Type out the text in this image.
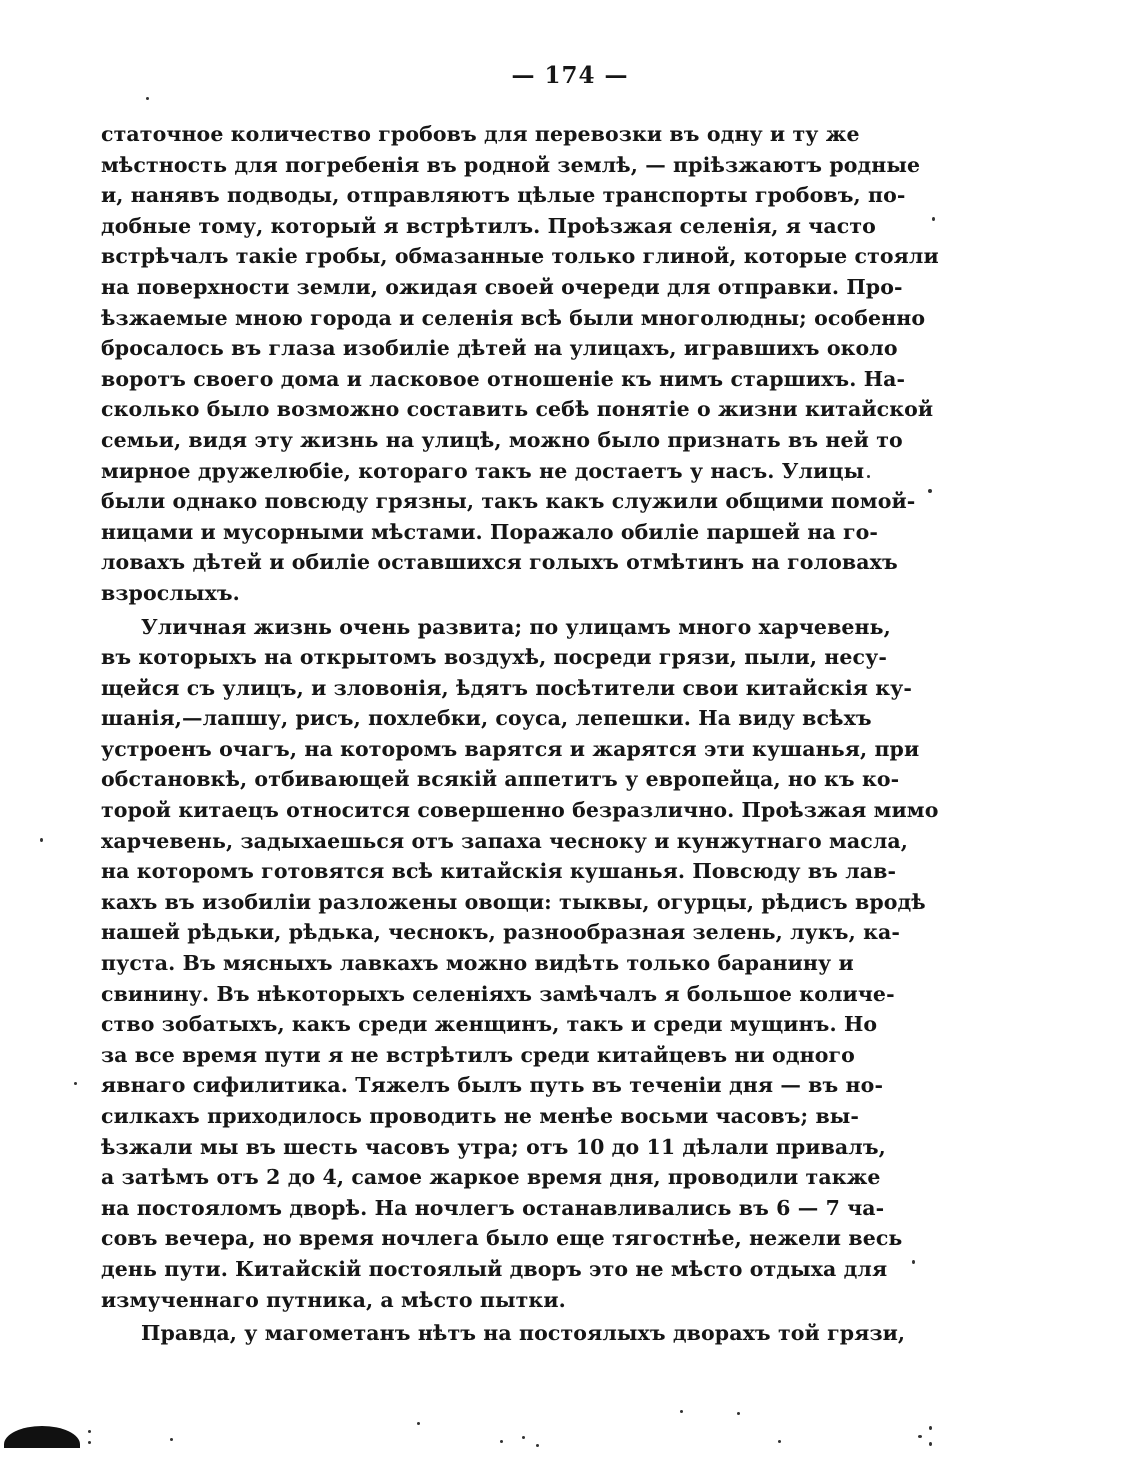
— 174 —
статочное количество гробовъ для перевозки въ одну и ту же
мѣстность для погребенія въ родной землѣ, — пріѣзжаютъ родные
и, нанявъ подводы, отправляютъ цѣлые транспорты гробовъ, по-
добные тому, который я встрѣтилъ. Проѣзжая селенія, я часто
встрѣчалъ такіе гробы, обмазанные только глиной, которые стояли
на поверхности земли, ожидая своей очереди для отправки. Про-
ѣзжаемые мною города и селенія всѣ были многолюдны; особенно
бросалось въ глаза изобиліе дѣтей на улицахъ, игравшихъ около
воротъ своего дома и ласковое отношеніе къ нимъ старшихъ. На-
сколько было возможно составить себѣ понятіе о жизни китайской
семьи, видя эту жизнь на улицѣ, можно было признать въ ней то
мирное дружелюбіе, котораго такъ не достаетъ у насъ. Улицы
были однако повсюду грязны, такъ какъ служили общими помой-
ницами и мусорными мѣстами. Поражало обиліе паршей на го-
ловахъ дѣтей и обиліе оставшихся голыхъ отмѣтинъ на головахъ
взрослыхъ.
Уличная жизнь очень развита; по улицамъ много харчевень,
въ которыхъ на открытомъ воздухѣ, посреди грязи, пыли, несу-
щейся съ улицъ, и зловонія, ѣдятъ посѣтители свои китайскія ку-
шанія,—лапшу, рисъ, похлебки, соуса, лепешки. На виду всѣхъ
устроенъ очагъ, на которомъ варятся и жарятся эти кушанья, при
обстановкѣ, отбивающей всякій аппетитъ у европейца, но къ ко-
торой китаецъ относится совершенно безразлично. Проѣзжая мимо
харчевень, задыхаешься отъ запаха чесноку и кунжутнаго масла,
на которомъ готовятся всѣ китайскія кушанья. Повсюду въ лав-
кахъ въ изобиліи разложены овощи: тыквы, огурцы, рѣдисъ вродѣ
нашей рѣдьки, рѣдька, чеснокъ, разнообразная зелень, лукъ, ка-
пуста. Въ мясныхъ лавкахъ можно видѣть только баранину и
свинину. Въ нѣкоторыхъ селеніяхъ замѣчалъ я большое количе-
ство зобатыхъ, какъ среди женщинъ, такъ и среди мущинъ. Но
за все время пути я не встрѣтилъ среди китайцевъ ни одного
явнаго сифилитика. Тяжелъ былъ путь въ теченіи дня — въ но-
силкахъ приходилось проводить не менѣе восьми часовъ; вы-
ѣзжали мы въ шесть часовъ утра; отъ 10 до 11 дѣлали привалъ,
а затѣмъ отъ 2 до 4, самое жаркое время дня, проводили также
на постояломъ дворѣ. На ночлегъ останавливались въ 6 — 7 ча-
совъ вечера, но время ночлега было еще тягостнѣе, нежели весь
день пути. Китайскій постоялый дворъ это не мѣсто отдыха для
измученнаго путника, а мѣсто пытки.
Правда, у магометанъ нѣтъ на постоялыхъ дворахъ той грязи,
